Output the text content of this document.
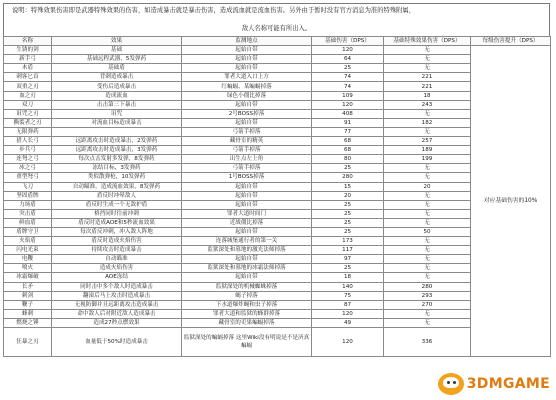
说明：特殊效果伤害即是武器特殊效果的伤害，如造成暴击就是暴击伤害，造成流血就是流血伤害。另外由于暂时没有官方消息为准的特殊附属，
敌人名称可能有所出入。
名称	效果	监测地点	基础伤害（DPS）	基础特殊效果伤害（DPS）	每级伤害提升（DPS）
生锈的剑	基础	起始自带	120	无	对应基础伤害的10%
新手弓	基础远程武器，5发弹药	起始自带	64	无	
木盾	基础盾	起始自带	25	无	
刺客匕首	背刺造成暴击	罪者大道入口上方	74	221	
双重之刃	受伤后造成暴击	红蝙蝠、某蝙蝠掉落	74	221	
血之刃	造成流血	绿色小僵比掉落	109	18	
双刀	击击第三下暴击	起始自带	120	243	
诅咒之刃	诅咒	2号BOSS掉落	408	无	
撕裂者之刃	对流血目标造成暴击	起始自带	91	182	
无限弹药		弓箭手掉落	77	无	
猎人长弓	远距离攻击时造成暴击，2发弹药	藏骨室的精英	68	257	
步兵弓	远距离攻击时造成暴击，3发弹药	弓箭手掉落	68	189	
连弩之弓	每次点击发射多发弹，8发弹药	出生点左上角	80	199	
冰之弓	冻结目标，3发弹药	弓箭手掉落	25	无	
重型弩弓	类似散弹枪，10发弹药	1号BOSS掉落	280	无	
飞刀	自动瞄准，造成流血效果，8发弹药	起始自带	15	20	
坚固盾牌	盾反时冲晕敌人	起始自带	20	无	
力场盾	盾反时生成一个无敌护盾	起始自带	25	无	
突击盾	格挡同时往前冲刺	罪者大道时间门	25	无	
鲜血盾	盾反时造成AOE和5秒流血效果	近战僵比掉落	25	无	
盾牌守卫	每次盾反冲刺，冲入敌人阵地	起始自带	25	50	
火焰盾	盾反时造成火焰伤害	连落城堡通行者的第一关	173	无	
闪电光束	持续攻击时造成暴击	监狱深处和墓地的激光法师掉落	117	无	
电鞭	自动瞄准	起始自带	97	无	
喷火	造成火焰伤害	监狱深处和墓地的冰霜法师掉落	25	无	
冰霜爆破	AOE冻结	起始自带	18	无	
长矛	同时击中多个敌人时造成暴击	监狱深处的机械蜘蛛掉落	140	280	
刺剑	翻滚后马上攻击时造成暴击	蝎子掉落	75	293	
鞭子	无视防御并且远距离攻击造成暴击	下水道爆炸蝇和虫子掉落	87	270	
蜂刺	命中敌人后对附近敌人造成暴击	罪者大道和监狱的蜂群掉落	120	无	
燃烧之锤	造成27秒点燃效果	藏骨室的吏果蝙蝠掉落	49	无	
狂暴之刃	血量低于50%时造成暴击	监狱深处的蝙蝠掉落 这里Wiki没有明说是不是济真蝙蝠	120	336	
3DMGAME
